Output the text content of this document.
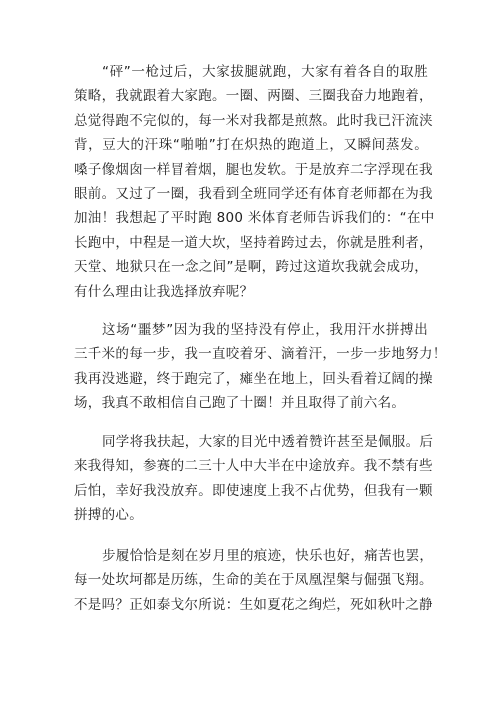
“砰”一枪过后，大家拔腿就跑，大家有着各自的取胜
策略，我就跟着大家跑。一圈、两圈、三圈我奋力地跑着，
总觉得跑不完似的，每一米对我都是煎熬。此时我已汗流浃
背，豆大的汗珠“啪啪”打在炽热的跑道上，又瞬间蒸发。
嗓子像烟囱一样冒着烟，腿也发软。于是放弃二字浮现在我
眼前。又过了一圈，我看到全班同学还有体育老师都在为我
加油！我想起了平时跑 800 米体育老师告诉我们的：“在中
长跑中，中程是一道大坎，坚持着跨过去，你就是胜利者，
天堂、地狱只在一念之间”是啊，跨过这道坎我就会成功，
有什么理由让我选择放弃呢？
这场“噩梦”因为我的坚持没有停止，我用汗水拼搏出
三千米的每一步，我一直咬着牙、滴着汗，一步一步地努力！
我再没逃避，终于跑完了，瘫坐在地上，回头看着辽阔的操
场，我真不敢相信自己跑了十圈！并且取得了前六名。
同学将我扶起，大家的目光中透着赞许甚至是佩服。后
来我得知，参赛的二三十人中大半在中途放弃。我不禁有些
后怕，幸好我没放弃。即使速度上我不占优势，但我有一颗
拼搏的心。
步履恰恰是刻在岁月里的痕迹，快乐也好，痛苦也罢，
每一处坎坷都是历练，生命的美在于凤凰涅槃与倔强飞翔。
不是吗？正如泰戈尔所说：生如夏花之绚烂，死如秋叶之静
